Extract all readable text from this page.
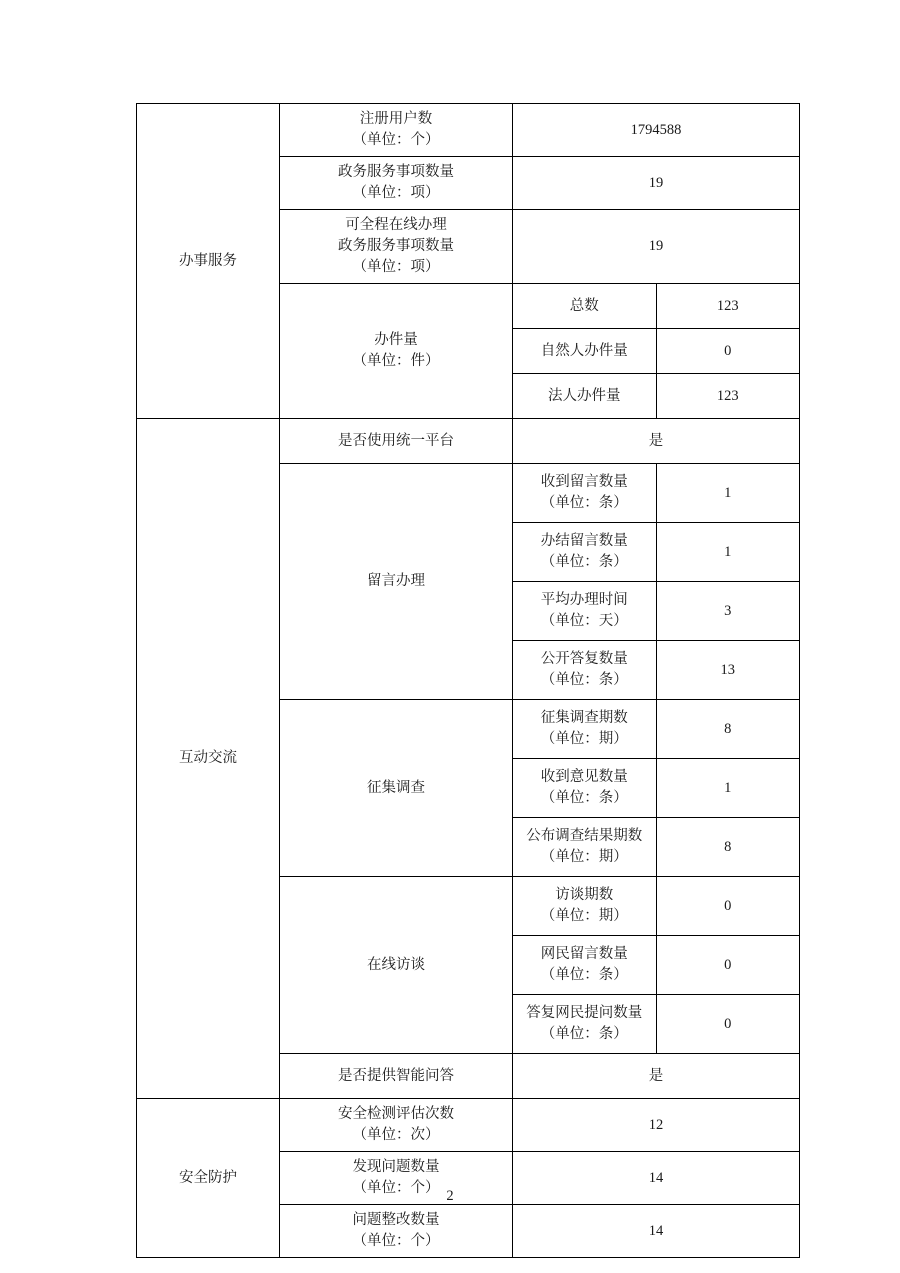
办事服务	注册用户数
（单位：个）	1794588	

	政务服务事项数量
（单位：项）	19	

	可全程在线办理
政务服务事项数量
（单位：项）	19	

	办件量
（单位：件）	总数	123
		自然人办件量	0
		法人办件量	123
互动交流	是否使用统一平台	是	
	留言办理	收到留言数量
（单位：条）	1

		办结留言数量
（单位：条）	1

		平均办理时间
（单位：天）	3

		公开答复数量
（单位：条）	13
	征集调查	征集调查期数
（单位：期）	8

		收到意见数量
（单位：条）	1

		公布调查结果期数
（单位：期）	8
	在线访谈	访谈期数
（单位：期）	0

		网民留言数量
（单位：条）	0

		答复网民提问数量
（单位：条）	0
	是否提供智能问答	是	
安全防护	安全检测评估次数
（单位：次）	12	

	发现问题数量
（单位：个）	14	

	问题整改数量
（单位：个）	14	
2
